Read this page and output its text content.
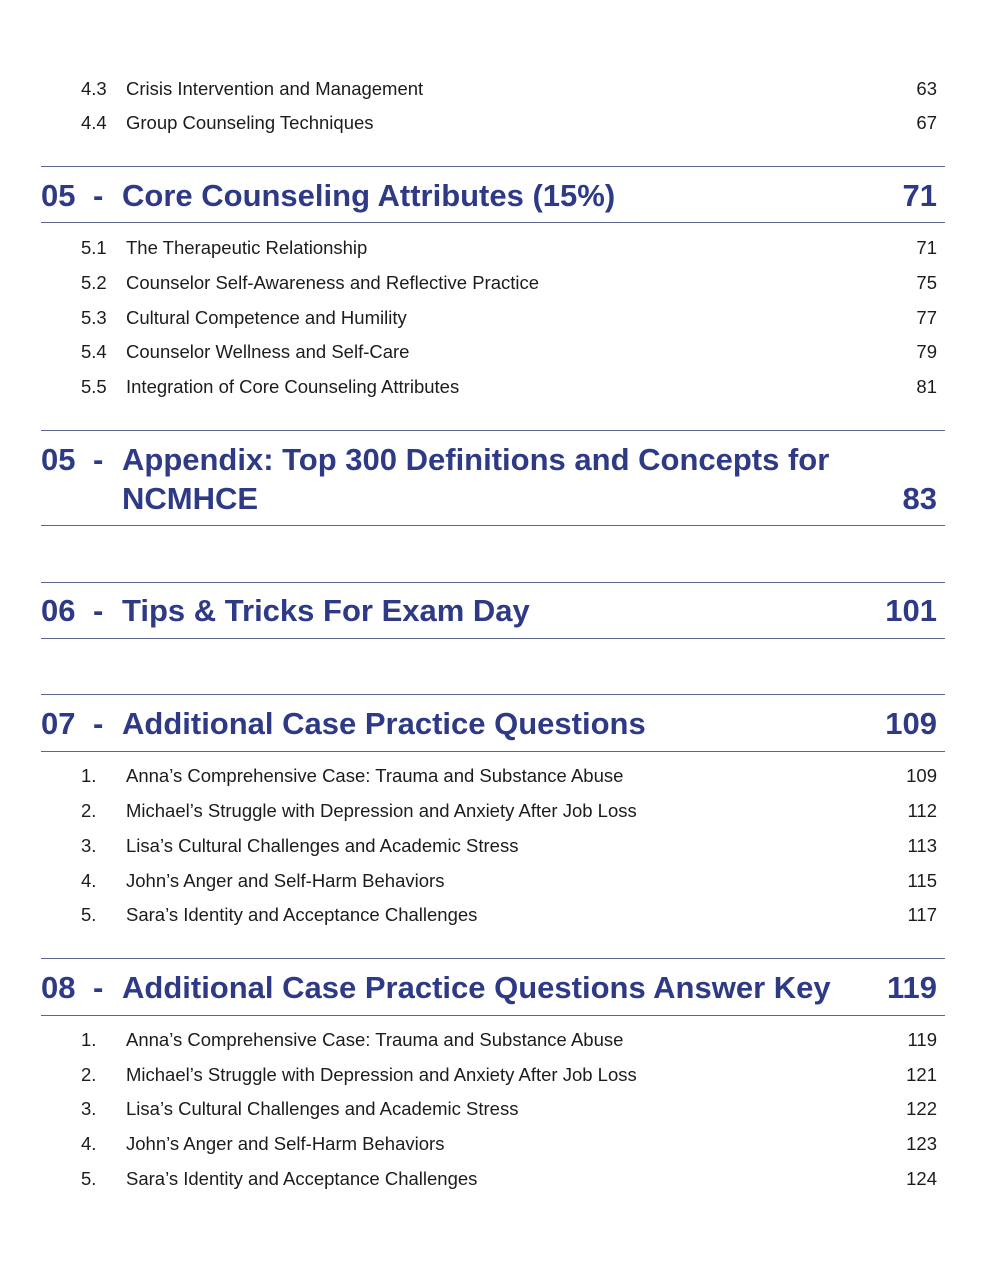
4.3 Crisis Intervention and Management	63
4.4 Group Counseling Techniques	67
05 - Core Counseling Attributes (15%)	71
5.1 The Therapeutic Relationship	71
5.2 Counselor Self-Awareness and Reflective Practice	75
5.3 Cultural Competence and Humility	77
5.4 Counselor Wellness and Self-Care	79
5.5 Integration of Core Counseling Attributes	81
05 - Appendix: Top 300 Definitions and Concepts for
NCMHCE	83
06 - Tips & Tricks For Exam Day	101
07 - Additional Case Practice Questions	109
1. Anna’s Comprehensive Case: Trauma and Substance Abuse	109
2. Michael’s Struggle with Depression and Anxiety After Job Loss	112
3. Lisa’s Cultural Challenges and Academic Stress	113
4. John’s Anger and Self-Harm Behaviors	115
5. Sara’s Identity and Acceptance Challenges	117
08 - Additional Case Practice Questions Answer Key	119
1. Anna’s Comprehensive Case: Trauma and Substance Abuse	119
2. Michael’s Struggle with Depression and Anxiety After Job Loss	121
3. Lisa’s Cultural Challenges and Academic Stress	122
4. John’s Anger and Self-Harm Behaviors	123
5. Sara’s Identity and Acceptance Challenges	124
